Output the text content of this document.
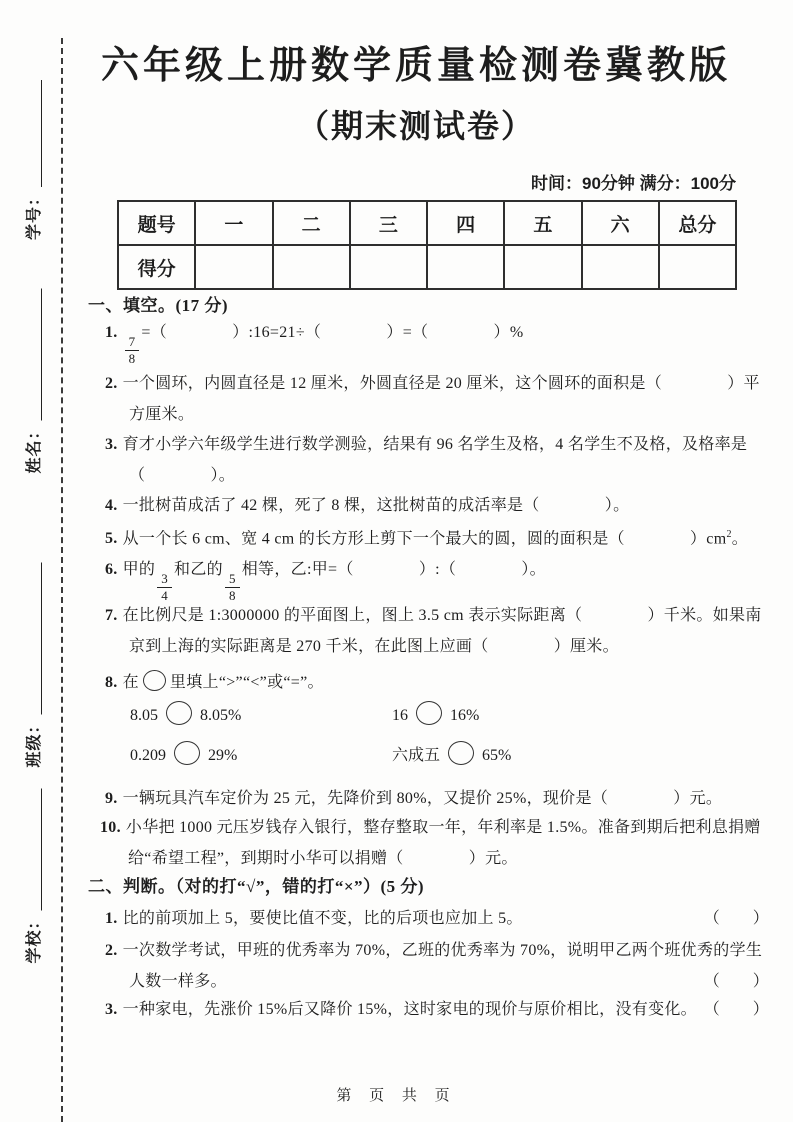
学号：
姓名：
班级：
学校：
六年级上册数学质量检测卷冀教版
（期末测试卷）
时间：90分钟 满分：100分
题号	一	二	三	四	五	六	总分
得分							
一、填空。(17 分)
1.
$\frac{7}{8}$
=（　　　　）:16=21÷（　　　　）=（　　　　）%
2. 一个圆环，内圆直径是 12 厘米，外圆直径是 20 厘米，这个圆环的面积是（　　　　）平方厘米。
3. 育才小学六年级学生进行数学测验，结果有 96 名学生及格，4 名学生不及格，及格率是（　　　　）。
4. 一批树苗成活了 42 棵，死了 8 棵，这批树苗的成活率是（　　　　）。
5. 从一个长 6 cm、宽 4 cm 的长方形上剪下一个最大的圆，圆的面积是（　　　　）$cm^2$。
6. 甲的
$\frac{3}{4}$
和乙的
$\frac{5}{8}$
相等，乙:甲=（　　　　）:（　　　　）。
7. 在比例尺是 1:3000000 的平面图上，图上 3.5 cm 表示实际距离（　　　　）千米。如果南京到上海的实际距离是 270 千米，在此图上应画（　　　　）厘米。
8. 在 里填上“>”“<”或“=”。
8.05	8.05%	16	16%
0.209	29%	六成五	65%
9. 一辆玩具汽车定价为 25 元，先降价到 80%，又提价 25%，现价是（　　　　）元。
10. 小华把 1000 元压岁钱存入银行，整存整取一年，年利率是 1.5%。准备到期后把利息捐赠给“希望工程”，到期时小华可以捐赠（　　　　）元。
二、判断。（对的打“√”，错的打“×”）(5 分)
1. 比的前项加上 5，要使比值不变，比的后项也应加上 5。	（　　）
2. 一次数学考试，甲班的优秀率为 70%，乙班的优秀率为 70%，说明甲乙两个班优秀的学生人数一样多。	（　　）
3. 一种家电，先涨价 15%后又降价 15%，这时家电的现价与原价相比，没有变化。 （　　）
第 页 共 页
